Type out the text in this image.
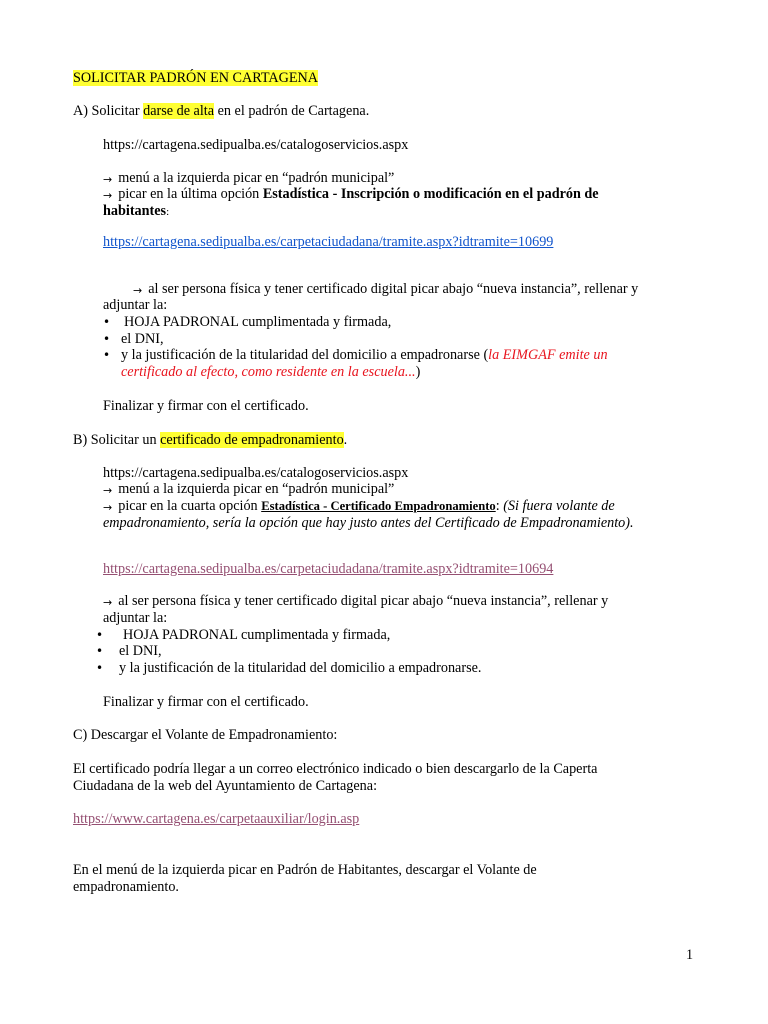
SOLICITAR PADRÓN EN CARTAGENA
A) Solicitar darse de alta en el padrón de Cartagena.
https://cartagena.sedipualba.es/catalogoservicios.aspx
→ menú a la izquierda picar en “padrón municipal”
→ picar en la última opción Estadística - Inscripción o modificación en el padrón de
habitantes:
https://cartagena.sedipualba.es/carpetaciudadana/tramite.aspx?idtramite=10699
→ al ser persona física y tener certificado digital picar abajo “nueva instancia”, rellenar y
adjuntar la:
• HOJA PADRONAL cumplimentada y firmada,
• el DNI,
• y la justificación de la titularidad del domicilio a empadronarse (la EIMGAF emite un
certificado al efecto, como residente en la escuela...)
Finalizar y firmar con el certificado.
B) Solicitar un certificado de empadronamiento.
https://cartagena.sedipualba.es/catalogoservicios.aspx
→ menú a la izquierda picar en “padrón municipal”
→ picar en la cuarta opción Estadística - Certificado Empadronamiento: (Si fuera volante de
empadronamiento, sería la opción que hay justo antes del Certificado de Empadronamiento).
https://cartagena.sedipualba.es/carpetaciudadana/tramite.aspx?idtramite=10694
→ al ser persona física y tener certificado digital picar abajo “nueva instancia”, rellenar y
adjuntar la:
• HOJA PADRONAL cumplimentada y firmada,
• el DNI,
• y la justificación de la titularidad del domicilio a empadronarse.
Finalizar y firmar con el certificado.
C) Descargar el Volante de Empadronamiento:
El certificado podría llegar a un correo electrónico indicado o bien descargarlo de la Caperta
Ciudadana de la web del Ayuntamiento de Cartagena:
https://www.cartagena.es/carpetaauxiliar/login.asp
En el menú de la izquierda picar en Padrón de Habitantes, descargar el Volante de
empadronamiento.
1
